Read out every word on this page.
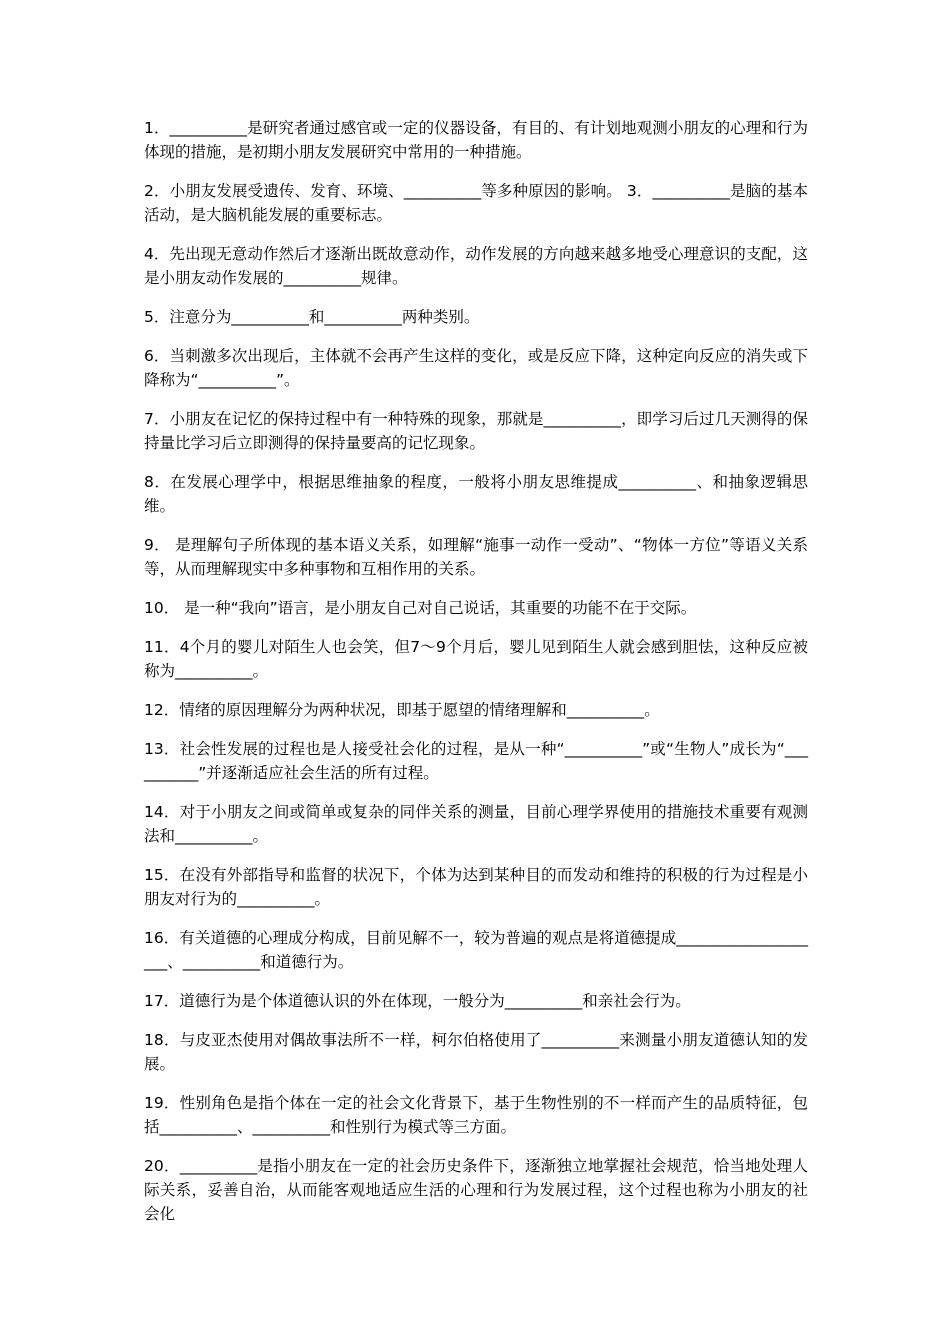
1．__________是研究者通过感官或一定的仪器设备，有目的、有计划地观测小朋友的心理和行为体现的措施，是初期小朋友发展研究中常用的一种措施。

2．小朋友发展受遗传、发育、环境、__________等多种原因的影响。 3．__________是脑的基本活动，是大脑机能发展的重要标志。

4．先出现无意动作然后才逐渐出既故意动作，动作发展的方向越来越多地受心理意识的支配，这是小朋友动作发展的__________规律。

5．注意分为__________和__________两种类别。

6．当刺激多次出现后，主体就不会再产生这样的变化，或是反应下降，这种定向反应的消失或下降称为“__________”。

7．小朋友在记忆的保持过程中有一种特殊的现象，那就是__________，即学习后过几天测得的保持量比学习后立即测得的保持量要高的记忆现象。

8．在发展心理学中，根据思维抽象的程度，一般将小朋友思维提成__________、和抽象逻辑思维。

9． 是理解句子所体现的基本语义关系，如理解“施事一动作一受动”、“物体一方位”等语义关系等，从而理解现实中多种事物和互相作用的关系。

10． 是一种“我向”语言，是小朋友自己对自己说话，其重要的功能不在于交际。

11．4个月的婴儿对陌生人也会笑，但7～9个月后，婴儿见到陌生人就会感到胆怯，这种反应被称为__________。

12．情绪的原因理解分为两种状况，即基于愿望的情绪理解和__________。

13．社会性发展的过程也是人接受社会化的过程，是从一种“__________”或“生物人”成长为“__________”并逐渐适应社会生活的所有过程。

14．对于小朋友之间或简单或复杂的同伴关系的测量，目前心理学界使用的措施技术重要有观测法和__________。

15．在没有外部指导和监督的状况下，个体为达到某种目的而发动和维持的积极的行为过程是小朋友对行为的__________。

16．有关道德的心理成分构成，目前见解不一，较为普遍的观点是将道德提成____________________、__________和道德行为。

17．道德行为是个体道德认识的外在体现，一般分为__________和亲社会行为。

18．与皮亚杰使用对偶故事法所不一样，柯尔伯格使用了__________来测量小朋友道德认知的发展。

19．性别角色是指个体在一定的社会文化背景下，基于生物性别的不一样而产生的品质特征，包括__________、__________和性别行为模式等三方面。

20．__________是指小朋友在一定的社会历史条件下，逐渐独立地掌握社会规范，恰当地处理人际关系，妥善自治，从而能客观地适应生活的心理和行为发展过程，这个过程也称为小朋友的社会化
